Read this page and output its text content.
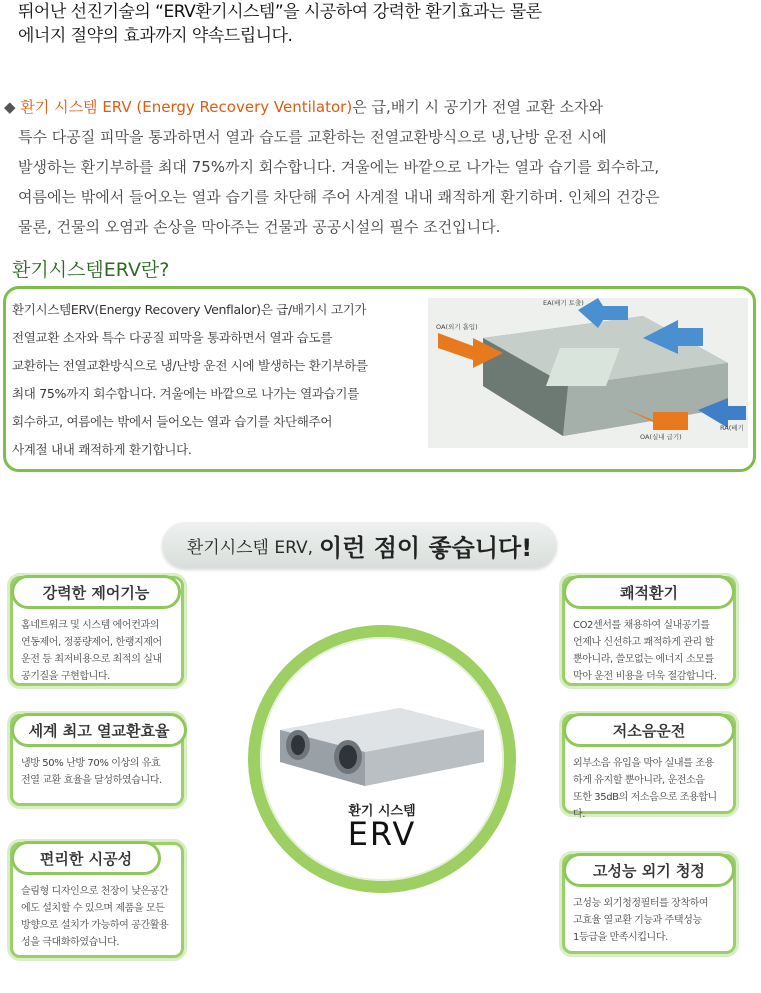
뛰어난 선진기술의 “ERV환기시스템”을 시공하여 강력한 환기효과는 물론
에너지 절약의 효과까지 약속드립니다.
◆ 환기 시스템 ERV (Energy Recovery Ventilator)은 급,배기 시 공기가 전열 교환 소자와
특수 다공질 피막을 통과하면서 열과 습도를 교환하는 전열교환방식으로 냉,난방 운전 시에
발생하는 환기부하를 최대 75%까지 회수합니다. 겨울에는 바깥으로 나가는 열과 습기를 회수하고,
여름에는 밖에서 들어오는 열과 습기를 차단해 주어 사계절 내내 쾌적하게 환기하며. 인체의 건강은
물론, 건물의 오염과 손상을 막아주는 건물과 공공시설의 필수 조건입니다.
환기시스템ERV란?
환기시스템ERV(Energy Recovery Venflalor)은 급/배기시 고기가
전열교환 소자와 특수 다공질 피막을 통과하면서 열과 습도를
교환하는 전열교환방식으로 냉/난방 운전 시에 발생하는 환기부하를
최대 75%까지 회수합니다. 겨울에는 바깥으로 나가는 열과습기를
회수하고, 여름에는 밖에서 들어오는 열과 습기를 차단해주어
사계절 내내 쾌적하게 환기합니다.
EA(배기 토출)
OA(외기 흡입)
RA(배기
OA(실내 급기)
환기시스템 ERV, 이런 점이 좋습니다!
환기 시스템
ERV
강력한 제어기능
홈네트워크 및 시스템 에어컨과의
연동제어, 정풍량제어, 한랭지제어
운전 등 최저비용으로 최적의 실내
공기질을 구현합니다.
세계 최고 열교환효율
냉방 50% 난방 70% 이상의 유효
전열 교환 효율을 달성하였습니다.
편리한 시공성
슬림형 디자인으로 천장이 낮은공간
에도 설치할 수 있으며 제품을 모든
방향으로 설치가 가능하여 공간활용
성을 극대화하였습니다.
쾌적환기
CO2센서를 채용하여 실내공기를
언제나 신선하고 쾌적하게 관리 할
뿐아니라, 쓸모없는 에너지 소모를
막아 운전 비용을 더욱 절감합니다.
저소음운전
외부소음 유입을 막아 실내를 조용
하게 유지할 뿐아니라, 운전소음
또한 35dB의 저소음으로 조용합니다.
고성능 외기 청정
고성능 외기청정필터를 장착하여
고효율 열교환 기능과 주택성능
1등급을 만족시킵니다.
